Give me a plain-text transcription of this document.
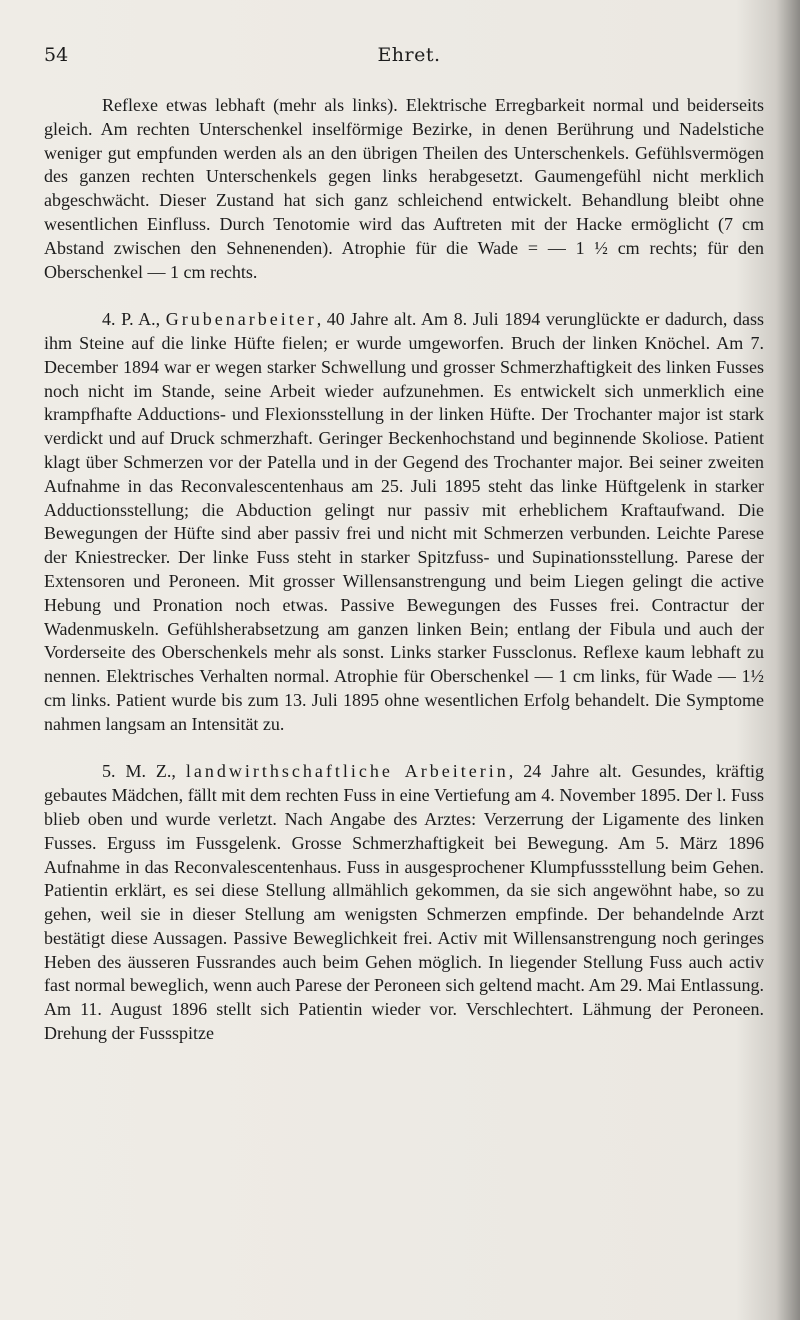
54	Ehret.

Reflexe etwas lebhaft (mehr als links). Elektrische Erregbarkeit normal und beiderseits gleich. Am rechten Unterschenkel inselförmige Bezirke, in denen Berührung und Nadelstiche weniger gut empfunden werden als an den übrigen Theilen des Unterschenkels. Gefühlsvermögen des ganzen rechten Unterschenkels gegen links herabgesetzt. Gaumengefühl nicht merklich abgeschwächt. Dieser Zustand hat sich ganz schleichend entwickelt. Behandlung bleibt ohne wesentlichen Einfluss. Durch Tenotomie wird das Auftreten mit der Hacke ermöglicht (7 cm Abstand zwischen den Sehnenenden). Atrophie für die Wade = — 1 ½ cm rechts; für den Oberschenkel — 1 cm rechts.

4. P. A., Grubenarbeiter, 40 Jahre alt. Am 8. Juli 1894 verunglückte er dadurch, dass ihm Steine auf die linke Hüfte fielen; er wurde umgeworfen. Bruch der linken Knöchel. Am 7. December 1894 war er wegen starker Schwellung und grosser Schmerzhaftigkeit des linken Fusses noch nicht im Stande, seine Arbeit wieder aufzunehmen. Es entwickelt sich unmerklich eine krampfhafte Adductions- und Flexionsstellung in der linken Hüfte. Der Trochanter major ist stark verdickt und auf Druck schmerzhaft. Geringer Beckenhochstand und beginnende Skoliose. Patient klagt über Schmerzen vor der Patella und in der Gegend des Trochanter major. Bei seiner zweiten Aufnahme in das Reconvalescentenhaus am 25. Juli 1895 steht das linke Hüftgelenk in starker Adductionsstellung; die Abduction gelingt nur passiv mit erheblichem Kraftaufwand. Die Bewegungen der Hüfte sind aber passiv frei und nicht mit Schmerzen verbunden. Leichte Parese der Kniestrecker. Der linke Fuss steht in starker Spitzfuss- und Supinationsstellung. Parese der Extensoren und Peroneen. Mit grosser Willensanstrengung und beim Liegen gelingt die active Hebung und Pronation noch etwas. Passive Bewegungen des Fusses frei. Contractur der Wadenmuskeln. Gefühlsherabsetzung am ganzen linken Bein; entlang der Fibula und auch der Vorderseite des Oberschenkels mehr als sonst. Links starker Fussclonus. Reflexe kaum lebhaft zu nennen. Elektrisches Verhalten normal. Atrophie für Oberschenkel — 1 cm links, für Wade — 1½ cm links. Patient wurde bis zum 13. Juli 1895 ohne wesentlichen Erfolg behandelt. Die Symptome nahmen langsam an Intensität zu.

5. M. Z., landwirthschaftliche Arbeiterin, 24 Jahre alt. Gesundes, kräftig gebautes Mädchen, fällt mit dem rechten Fuss in eine Vertiefung am 4. November 1895. Der l. Fuss blieb oben und wurde verletzt. Nach Angabe des Arztes: Verzerrung der Ligamente des linken Fusses. Erguss im Fussgelenk. Grosse Schmerzhaftigkeit bei Bewegung. Am 5. März 1896 Aufnahme in das Reconvalescentenhaus. Fuss in ausgesprochener Klumpfussstellung beim Gehen. Patientin erklärt, es sei diese Stellung allmählich gekommen, da sie sich angewöhnt habe, so zu gehen, weil sie in dieser Stellung am wenigsten Schmerzen empfinde. Der behandelnde Arzt bestätigt diese Aussagen. Passive Beweglichkeit frei. Activ mit Willensanstrengung noch geringes Heben des äusseren Fussrandes auch beim Gehen möglich. In liegender Stellung Fuss auch activ fast normal beweglich, wenn auch Parese der Peroneen sich geltend macht. Am 29. Mai Entlassung. Am 11. August 1896 stellt sich Patientin wieder vor. Verschlechtert. Lähmung der Peroneen. Drehung der Fussspitze
